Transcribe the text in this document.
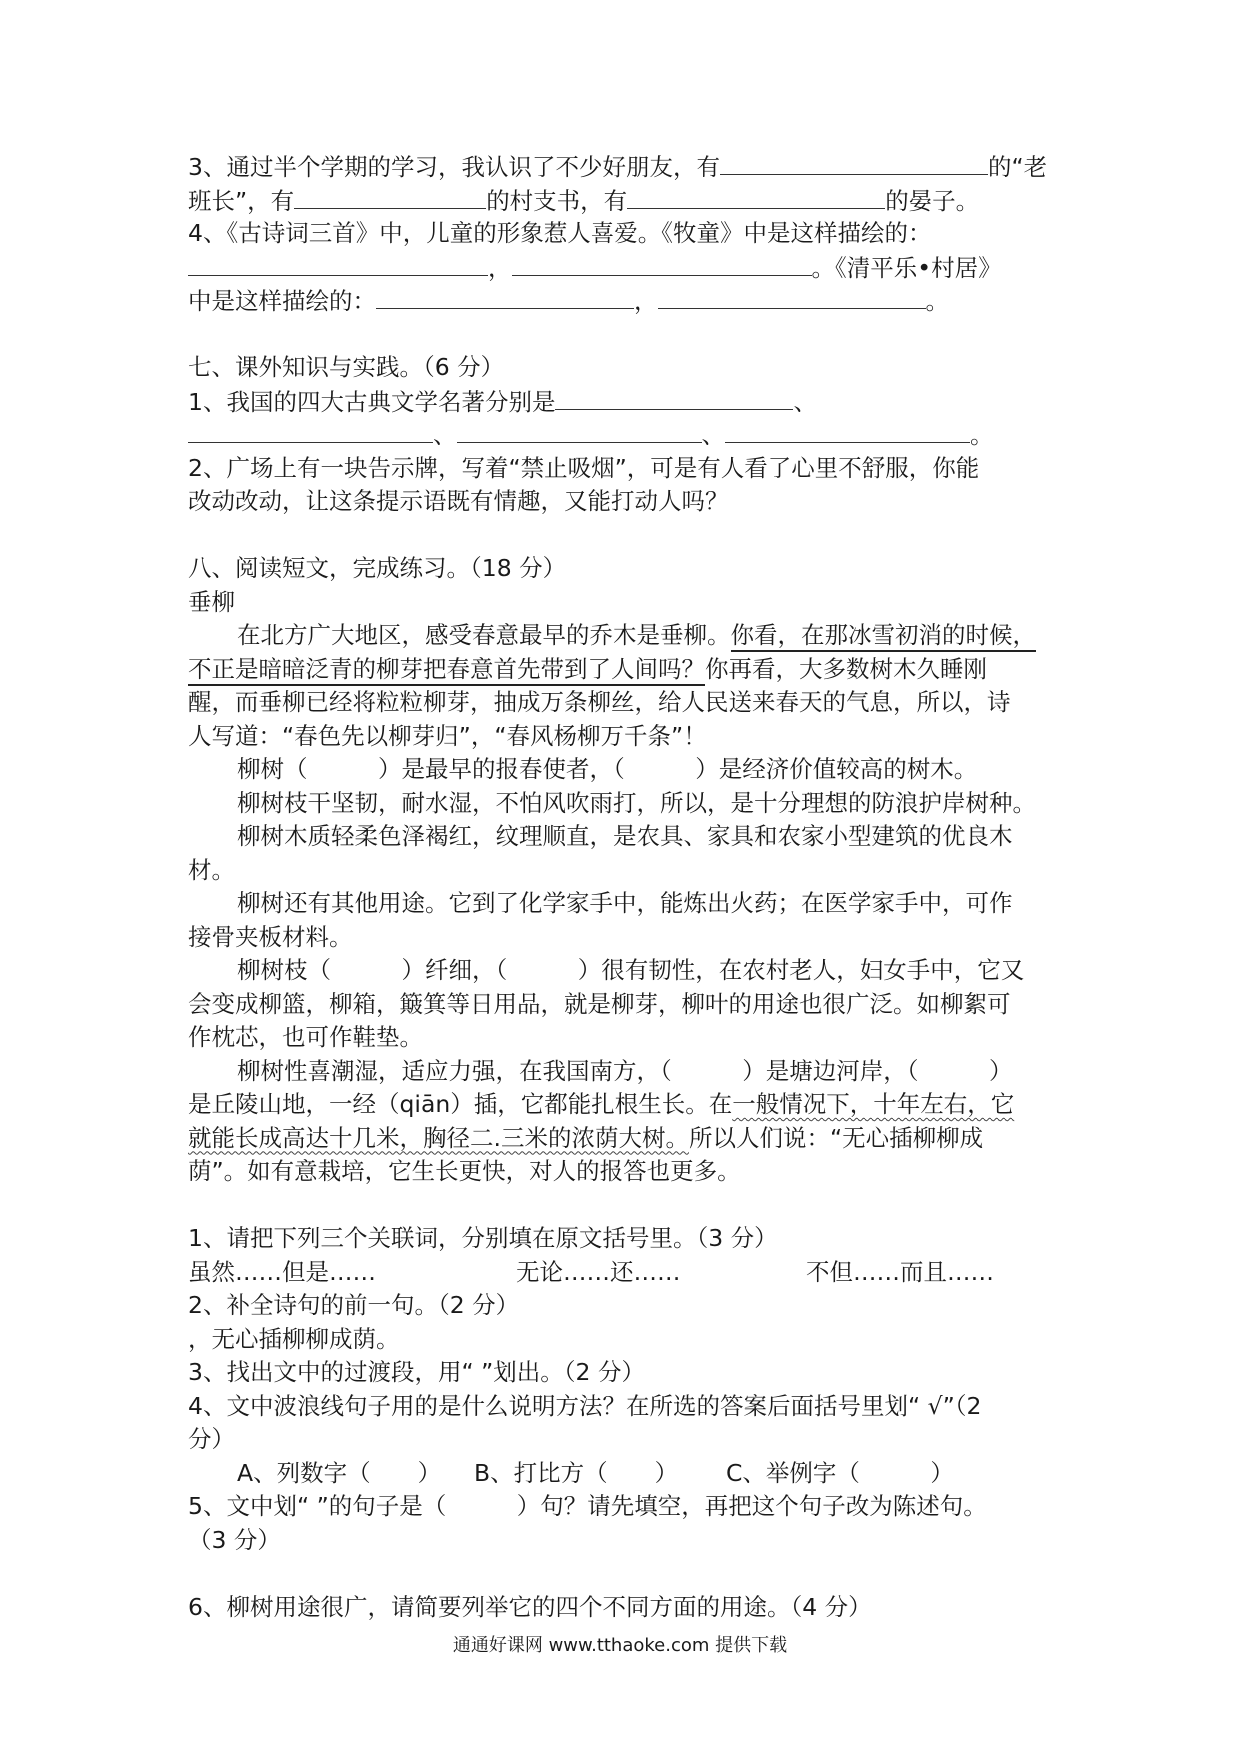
3、通过半个学期的学习，我认识了不少好朋友，有	的“老
班长”，有	的村支书，有	的晏子。
4、《古诗词三首》中，儿童的形象惹人喜爱。《牧童》中是这样描绘的：
，	。《清平乐•村居》
中是这样描绘的：	，	。
七、课外知识与实践。（6 分）
1、我国的四大古典文学名著分别是	、
、	、	。
2、广场上有一块告示牌，写着“禁止吸烟”，可是有人看了心里不舒服，你能
改动改动，让这条提示语既有情趣，又能打动人吗？
八、阅读短文，完成练习。（18 分）
垂柳
在北方广大地区，感受春意最早的乔木是垂柳。你看，在那冰雪初消的时候，
不正是暗暗泛青的柳芽把春意首先带到了人间吗？你再看，大多数树木久睡刚
醒，而垂柳已经将粒粒柳芽，抽成万条柳丝，给人民送来春天的气息，所以，诗
人写道：“春色先以柳芽归”，“春风杨柳万千条”！
柳树（　　　）是最早的报春使者，（　　　）是经济价值较高的树木。
柳树枝干坚韧，耐水湿，不怕风吹雨打，所以，是十分理想的防浪护岸树种。
柳树木质轻柔色泽褐红，纹理顺直，是农具、家具和农家小型建筑的优良木
材。
柳树还有其他用途。它到了化学家手中，能炼出火药；在医学家手中，可作
接骨夹板材料。
柳树枝（　　　）纤细，（　　　）很有韧性，在农村老人，妇女手中，它又
会变成柳篮，柳箱，簸箕等日用品，就是柳芽，柳叶的用途也很广泛。如柳絮可
作枕芯，也可作鞋垫。
柳树性喜潮湿，适应力强，在我国南方，（　　　）是塘边河岸，（　　　）
是丘陵山地，一经（qiān）插，它都能扎根生长。在一般情况下，十年左右，它
就能长成高达十几米，胸径二.三米的浓荫大树。所以人们说：“无心插柳柳成
荫”。如有意栽培，它生长更快，对人的报答也更多。
1、请把下列三个关联词，分别填在原文括号里。（3 分）
虽然……但是……	无论……还……	不但……而且……
2、补全诗句的前一句。（2 分）
，无心插柳柳成荫。
3、找出文中的过渡段，用“ ”划出。（2 分）
4、文中波浪线句子用的是什么说明方法？在所选的答案后面括号里划“ √”（2
分）
A、列数字（　　） B、打比方（　　） C、举例字（　　　）
5、文中划“ ”的句子是（　　　）句？请先填空，再把这个句子改为陈述句。
（3 分）
6、柳树用途很广，请简要列举它的四个不同方面的用途。（4 分）
通通好课网 www.tthaoke.com 提供下载
